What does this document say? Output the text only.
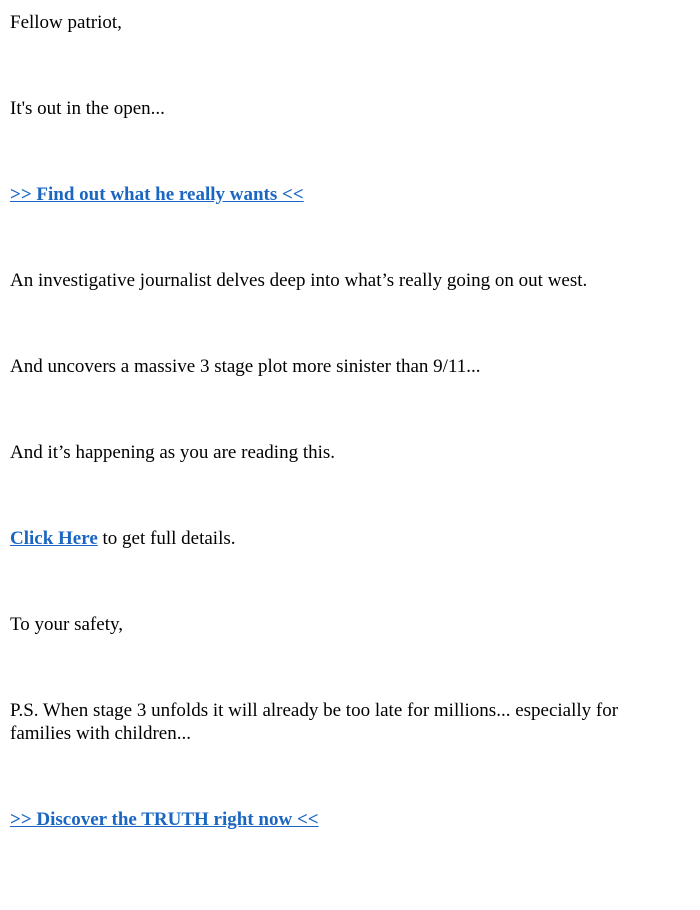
Fellow patriot,

It's out in the open...

>> Find out what he really wants <<

An investigative journalist delves deep into what’s really going on out west.

And uncovers a massive 3 stage plot more sinister than 9/11...

And it’s happening as you are reading this.

Click Here to get full details.

To your safety,

P.S. When stage 3 unfolds it will already be too late for millions... especially for families with children...

>> Discover the TRUTH right now <<
